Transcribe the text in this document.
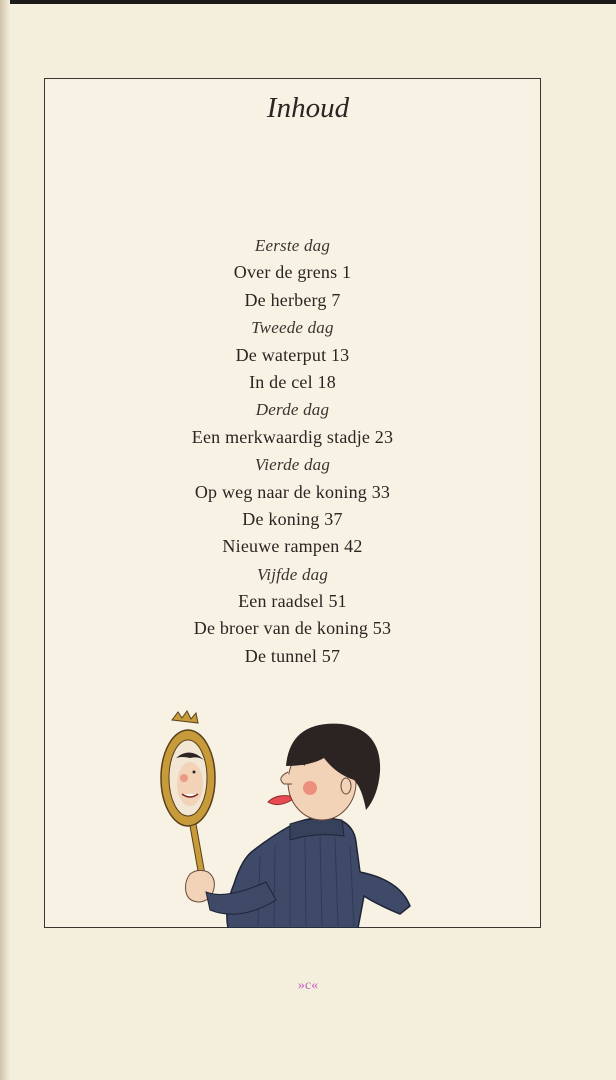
Inhoud
Eerste dag
Over de grens 1
De herberg 7
Tweede dag
De waterput 13
In de cel 18
Derde dag
Een merkwaardig stadje 23
Vierde dag
Op weg naar de koning 33
De koning 37
Nieuwe rampen 42
Vijfde dag
Een raadsel 51
De broer van de koning 53
De tunnel 57
»c«
